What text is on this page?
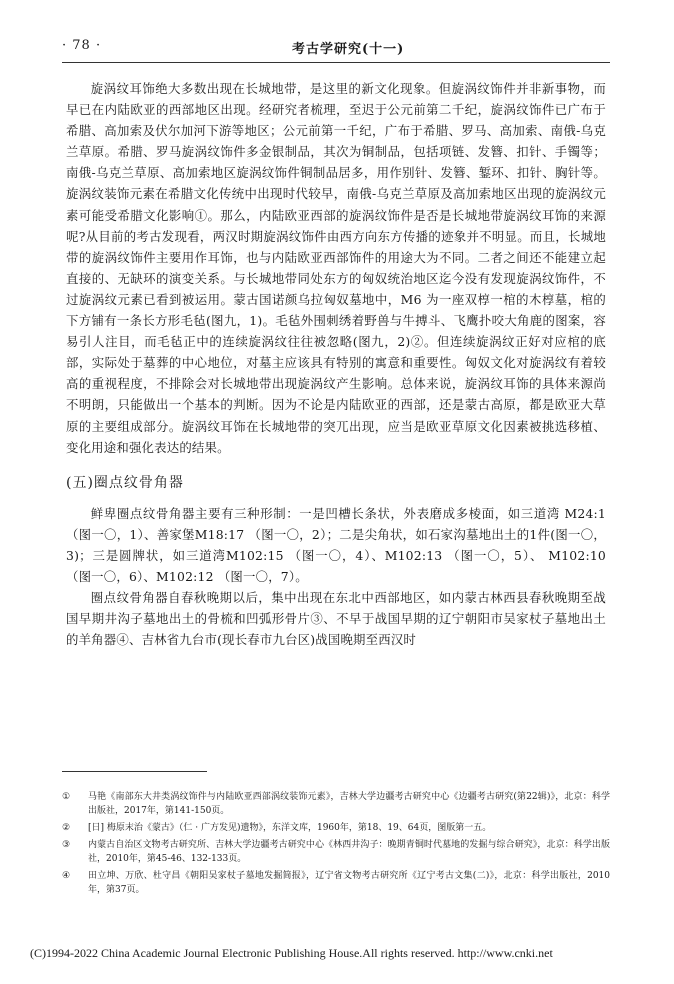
· 78 ·	考古学研究(十一)

旋涡纹耳饰绝大多数出现在长城地带，是这里的新文化现象。但旋涡纹饰件并非新事物，而早已在内陆欧亚的西部地区出现。经研究者梳理，至迟于公元前第二千纪，旋涡纹饰件已广布于希腊、高加索及伏尔加河下游等地区；公元前第一千纪，广布于希腊、罗马、高加索、南俄-乌克兰草原。希腊、罗马旋涡纹饰件多金银制品，其次为铜制品，包括项链、发簪、扣针、手镯等；南俄-乌克兰草原、高加索地区旋涡纹饰件铜制品居多，用作别针、发簪、錾环、扣针、胸针等。旋涡纹装饰元素在希腊文化传统中出现时代较早，南俄-乌克兰草原及高加索地区出现的旋涡纹元素可能受希腊文化影响①。那么，内陆欧亚西部的旋涡纹饰件是否是长城地带旋涡纹耳饰的来源呢?从目前的考古发现看，两汉时期旋涡纹饰件由西方向东方传播的迹象并不明显。而且，长城地带的旋涡纹饰件主要用作耳饰，也与内陆欧亚西部饰件的用途大为不同。二者之间还不能建立起直接的、无缺环的演变关系。与长城地带同处东方的匈奴统治地区迄今没有发现旋涡纹饰件，不过旋涡纹元素已看到被运用。蒙古国诺颜乌拉匈奴墓地中，M6 为一座双椁一棺的木椁墓，棺的下方铺有一条长方形毛毡(图九，1)。毛毡外围刺绣着野兽与牛搏斗、飞鹰扑咬大角鹿的图案，容易引人注目，而毛毡正中的连续旋涡纹往往被忽略(图九，2)②。但连续旋涡纹正好对应棺的底部，实际处于墓葬的中心地位，对墓主应该具有特别的寓意和重要性。匈奴文化对旋涡纹有着较高的重视程度，不排除会对长城地带出现旋涡纹产生影响。总体来说，旋涡纹耳饰的具体来源尚不明朗，只能做出一个基本的判断。因为不论是内陆欧亚的西部，还是蒙古高原，都是欧亚大草原的主要组成部分。旋涡纹耳饰在长城地带的突兀出现，应当是欧亚草原文化因素被挑选移植、变化用途和强化表达的结果。

(五)圈点纹骨角器

鲜卑圈点纹骨角器主要有三种形制：一是凹槽长条状，外表磨成多棱面，如三道湾 M24:1 （图一〇，1）、善家堡M18:17 （图一〇，2）；二是尖角状，如石家沟墓地出土的1件(图一〇，3)；三是圆牌状，如三道湾M102:15 （图一〇，4）、M102:13 （图一〇，5）、 M102:10 （图一〇，6）、M102:12 （图一〇，7）。

圈点纹骨角器自春秋晚期以后，集中出现在东北中西部地区，如内蒙古林西县春秋晚期至战国早期井沟子墓地出土的骨梳和凹弧形骨片③、不早于战国早期的辽宁朝阳市吴家杖子墓地出土的羊角器④、吉林省九台市(现长春市九台区)战国晚期至西汉时

①	马艳《南部东大井类涡纹饰件与内陆欧亚西部涡纹装饰元素》，吉林大学边疆考古研究中心《边疆考古研究(第22辑)》，北京：科学出版社，2017年，第141-150页。
②	[日] 梅原末治《蒙古》（仁 · 广方发见)遗物》，东洋文库，1960年，第18、19、64页，图版第一五。
③	内蒙古自治区文物考古研究所、吉林大学边疆考古研究中心《林西井沟子：晚期青铜时代墓地的发掘与综合研究》，北京：科学出版社，2010年，第45-46、132-133页。
④	田立坤、万欣、杜守昌《朝阳吴家杖子墓地发掘简报》，辽宁省文物考古研究所《辽宁考古文集(二)》，北京：科学出版社，2010年，第37页。
(C)1994-2022 China Academic Journal Electronic Publishing House.All rights reserved. http://www.cnki.net
